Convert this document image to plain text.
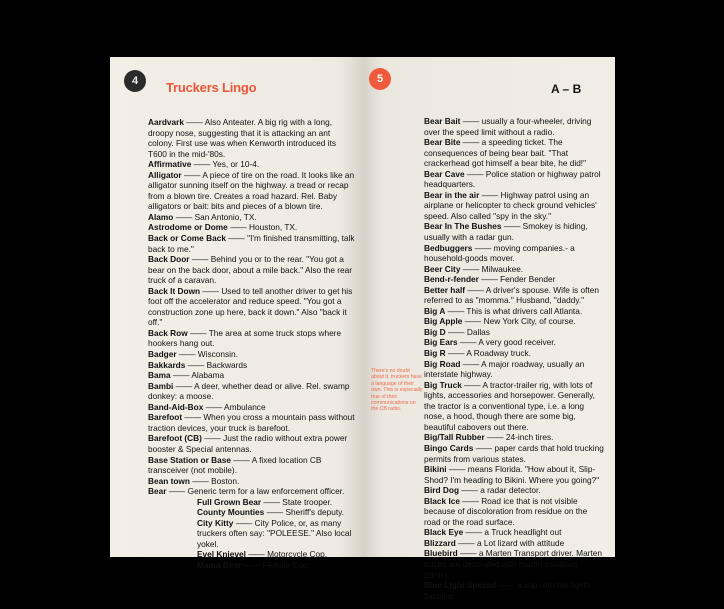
4	Truckers Lingo
5
A – B

Aardvark —— Also Anteater. A big rig with a long, droopy nose, suggesting that it is attacking an ant colony. First use was when Kenworth introduced its T600 in the mid-'80s.

Affirmative —— Yes, or 10-4.

Alligator —— A piece of tire on the road. It looks like an alligator sunning itself on the highway. a tread or recap from a blown tire. Creates a road hazard. Rel. Baby alligators or bait: bits and pieces of a blown tire.

Alamo —— San Antonio, TX.

Astrodome or Dome —— Houston, TX.

Back or Come Back —— "I'm finished transmitting, talk back to me."

Back Door —— Behind you or to the rear. "You got a bear on the back door, about a mile back." Also the rear truck of a caravan.

Back It Down —— Used to tell another driver to get his foot off the accelerator and reduce speed. "You got a construction zone up here, back it down." Also "back it off."

Back Row —— The area at some truck stops where hookers hang out.

Badger —— Wisconsin.

Bakkards —— Backwards

Bama —— Alabama

Bambi —— A deer, whether dead or alive. Rel. swamp donkey: a moose.

Band-Aid-Box —— Ambulance

Barefoot —— When you cross a mountain pass without traction devices, your truck is barefoot.

Barefoot (CB) —— Just the radio without extra power booster & Special antennas.

Base Station or Base —— A fixed location CB transceiver (not mobile).

Bean town —— Boston.

Bear —— Generic term for a law enforcement officer.

Full Grown Bear —— State trooper.

County Mounties —— Sheriff's deputy.

City Kitty —— City Police, or, as many truckers often say: "POLEESE." Also local yokel.

Evel Knievel —— Motorcycle Cop.

Mama Bear —— Female Cop.

Bear Bait —— usually a four-wheeler, driving over the speed limit without a radio.

Bear Bite —— a speeding ticket. The consequences of being bear bait. "That crackerhead got himself a bear bite, he did!"

Bear Cave —— Police station or highway patrol headquarters.

Bear in the air —— Highway patrol using an airplane or helicopter to check ground vehicles' speed. Also called "spy in the sky."

Bear In The Bushes —— Smokey is hiding, usually with a radar gun.

Bedbuggers —— moving companies.- a household-goods mover.

Beer City —— Milwaukee.

Bend-r-fender —— Fender Bender

Better half —— A driver's spouse. Wife is often referred to as "momma." Husband, "daddy."

Big A —— This is what drivers call Atlanta.

Big Apple —— New York City, of course.

Big D —— Dallas

Big Ears —— A very good receiver.

Big R —— A Roadway truck.

Big Road —— A major roadway, usually an interstate highway.

Big Truck —— A tractor-trailer rig, with lots of lights, accessories and horsepower. Generally, the tractor is a conventional type, i.e. a long nose, a hood, though there are some big, beautiful cabovers out there.

Big/Tall Rubber —— 24-inch tires.

Bingo Cards —— paper cards that hold trucking permits from various states.

Bikini —— means Florida. "How about it, Slip-Shod? I'm heading to Bikini. Where you going?"

Bird Dog —— a radar detector.

Black Ice —— Road ice that is not visible because of discoloration from residue on the road or the road surface.

Black Eye —— a Truck headlight out

Blizzard —— a Lot lizard with attitude

Bluebird —— a Marten Transport driver. Marten trucks are decorated with martin swallows (birds).

Blue Light Special —— a cop with the lights flashing.

There's no doubt about it, truckers have a language of their own. This is especially true of their communications on the CB radio.
